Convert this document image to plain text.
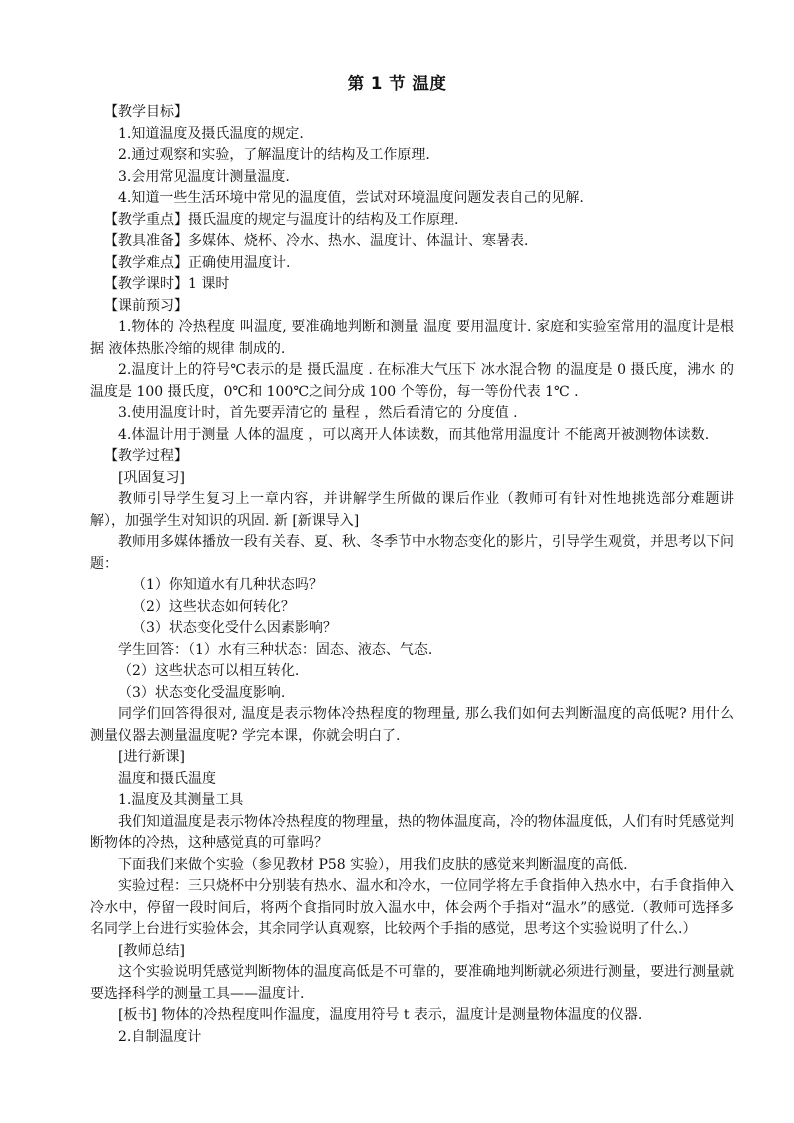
第 1 节 温度

【教学目标】

1.知道温度及摄氏温度的规定.

2.通过观察和实验，了解温度计的结构及工作原理.

3.会用常见温度计测量温度.

4.知道一些生活环境中常见的温度值，尝试对环境温度问题发表自己的见解.

【教学重点】摄氏温度的规定与温度计的结构及工作原理.

【教具准备】多媒体、烧杯、冷水、热水、温度计、体温计、寒暑表.

【教学难点】正确使用温度计.

【教学课时】1 课时

【课前预习】

1.物体的 冷热程度 叫温度, 要准确地判断和测量 温度 要用温度计. 家庭和实验室常用的温度计是根据 液体热胀冷缩的规律 制成的.

2.温度计上的符号℃表示的是 摄氏温度 . 在标准大气压下 冰水混合物 的温度是 0 摄氏度，沸水 的温度是 100 摄氏度，0℃和 100℃之间分成 100 个等份，每一等份代表 1℃ .

3.使用温度计时，首先要弄清它的 量程 ，然后看清它的 分度值 .

4.体温计用于测量 人体的温度 ，可以离开人体读数，而其他常用温度计 不能离开被测物体读数.

【教学过程】

[巩固复习]

教师引导学生复习上一章内容，并讲解学生所做的课后作业（教师可有针对性地挑选部分难题讲解），加强学生对知识的巩固. 新 [新课导入]

教师用多媒体播放一段有关春、夏、秋、冬季节中水物态变化的影片，引导学生观赏，并思考以下问题：

（1）你知道水有几种状态吗？

（2）这些状态如何转化？

（3）状态变化受什么因素影响？

学生回答：（1）水有三种状态：固态、液态、气态.

（2）这些状态可以相互转化.

（3）状态变化受温度影响.

同学们回答得很对, 温度是表示物体冷热程度的物理量, 那么我们如何去判断温度的高低呢? 用什么测量仪器去测量温度呢? 学完本课，你就会明白了.

[进行新课]

温度和摄氏温度

1.温度及其测量工具

我们知道温度是表示物体冷热程度的物理量，热的物体温度高，冷的物体温度低，人们有时凭感觉判断物体的冷热，这种感觉真的可靠吗？

下面我们来做个实验（参见教材 P58 实验），用我们皮肤的感觉来判断温度的高低.

实验过程：三只烧杯中分别装有热水、温水和冷水，一位同学将左手食指伸入热水中，右手食指伸入冷水中，停留一段时间后，将两个食指同时放入温水中，体会两个手指对“温水”的感觉.（教师可选择多名同学上台进行实验体会，其余同学认真观察，比较两个手指的感觉，思考这个实验说明了什么.）

[教师总结]

这个实验说明凭感觉判断物体的温度高低是不可靠的，要准确地判断就必须进行测量，要进行测量就要选择科学的测量工具——温度计.

[板书] 物体的冷热程度叫作温度，温度用符号 t 表示，温度计是测量物体温度的仪器.

2.自制温度计
